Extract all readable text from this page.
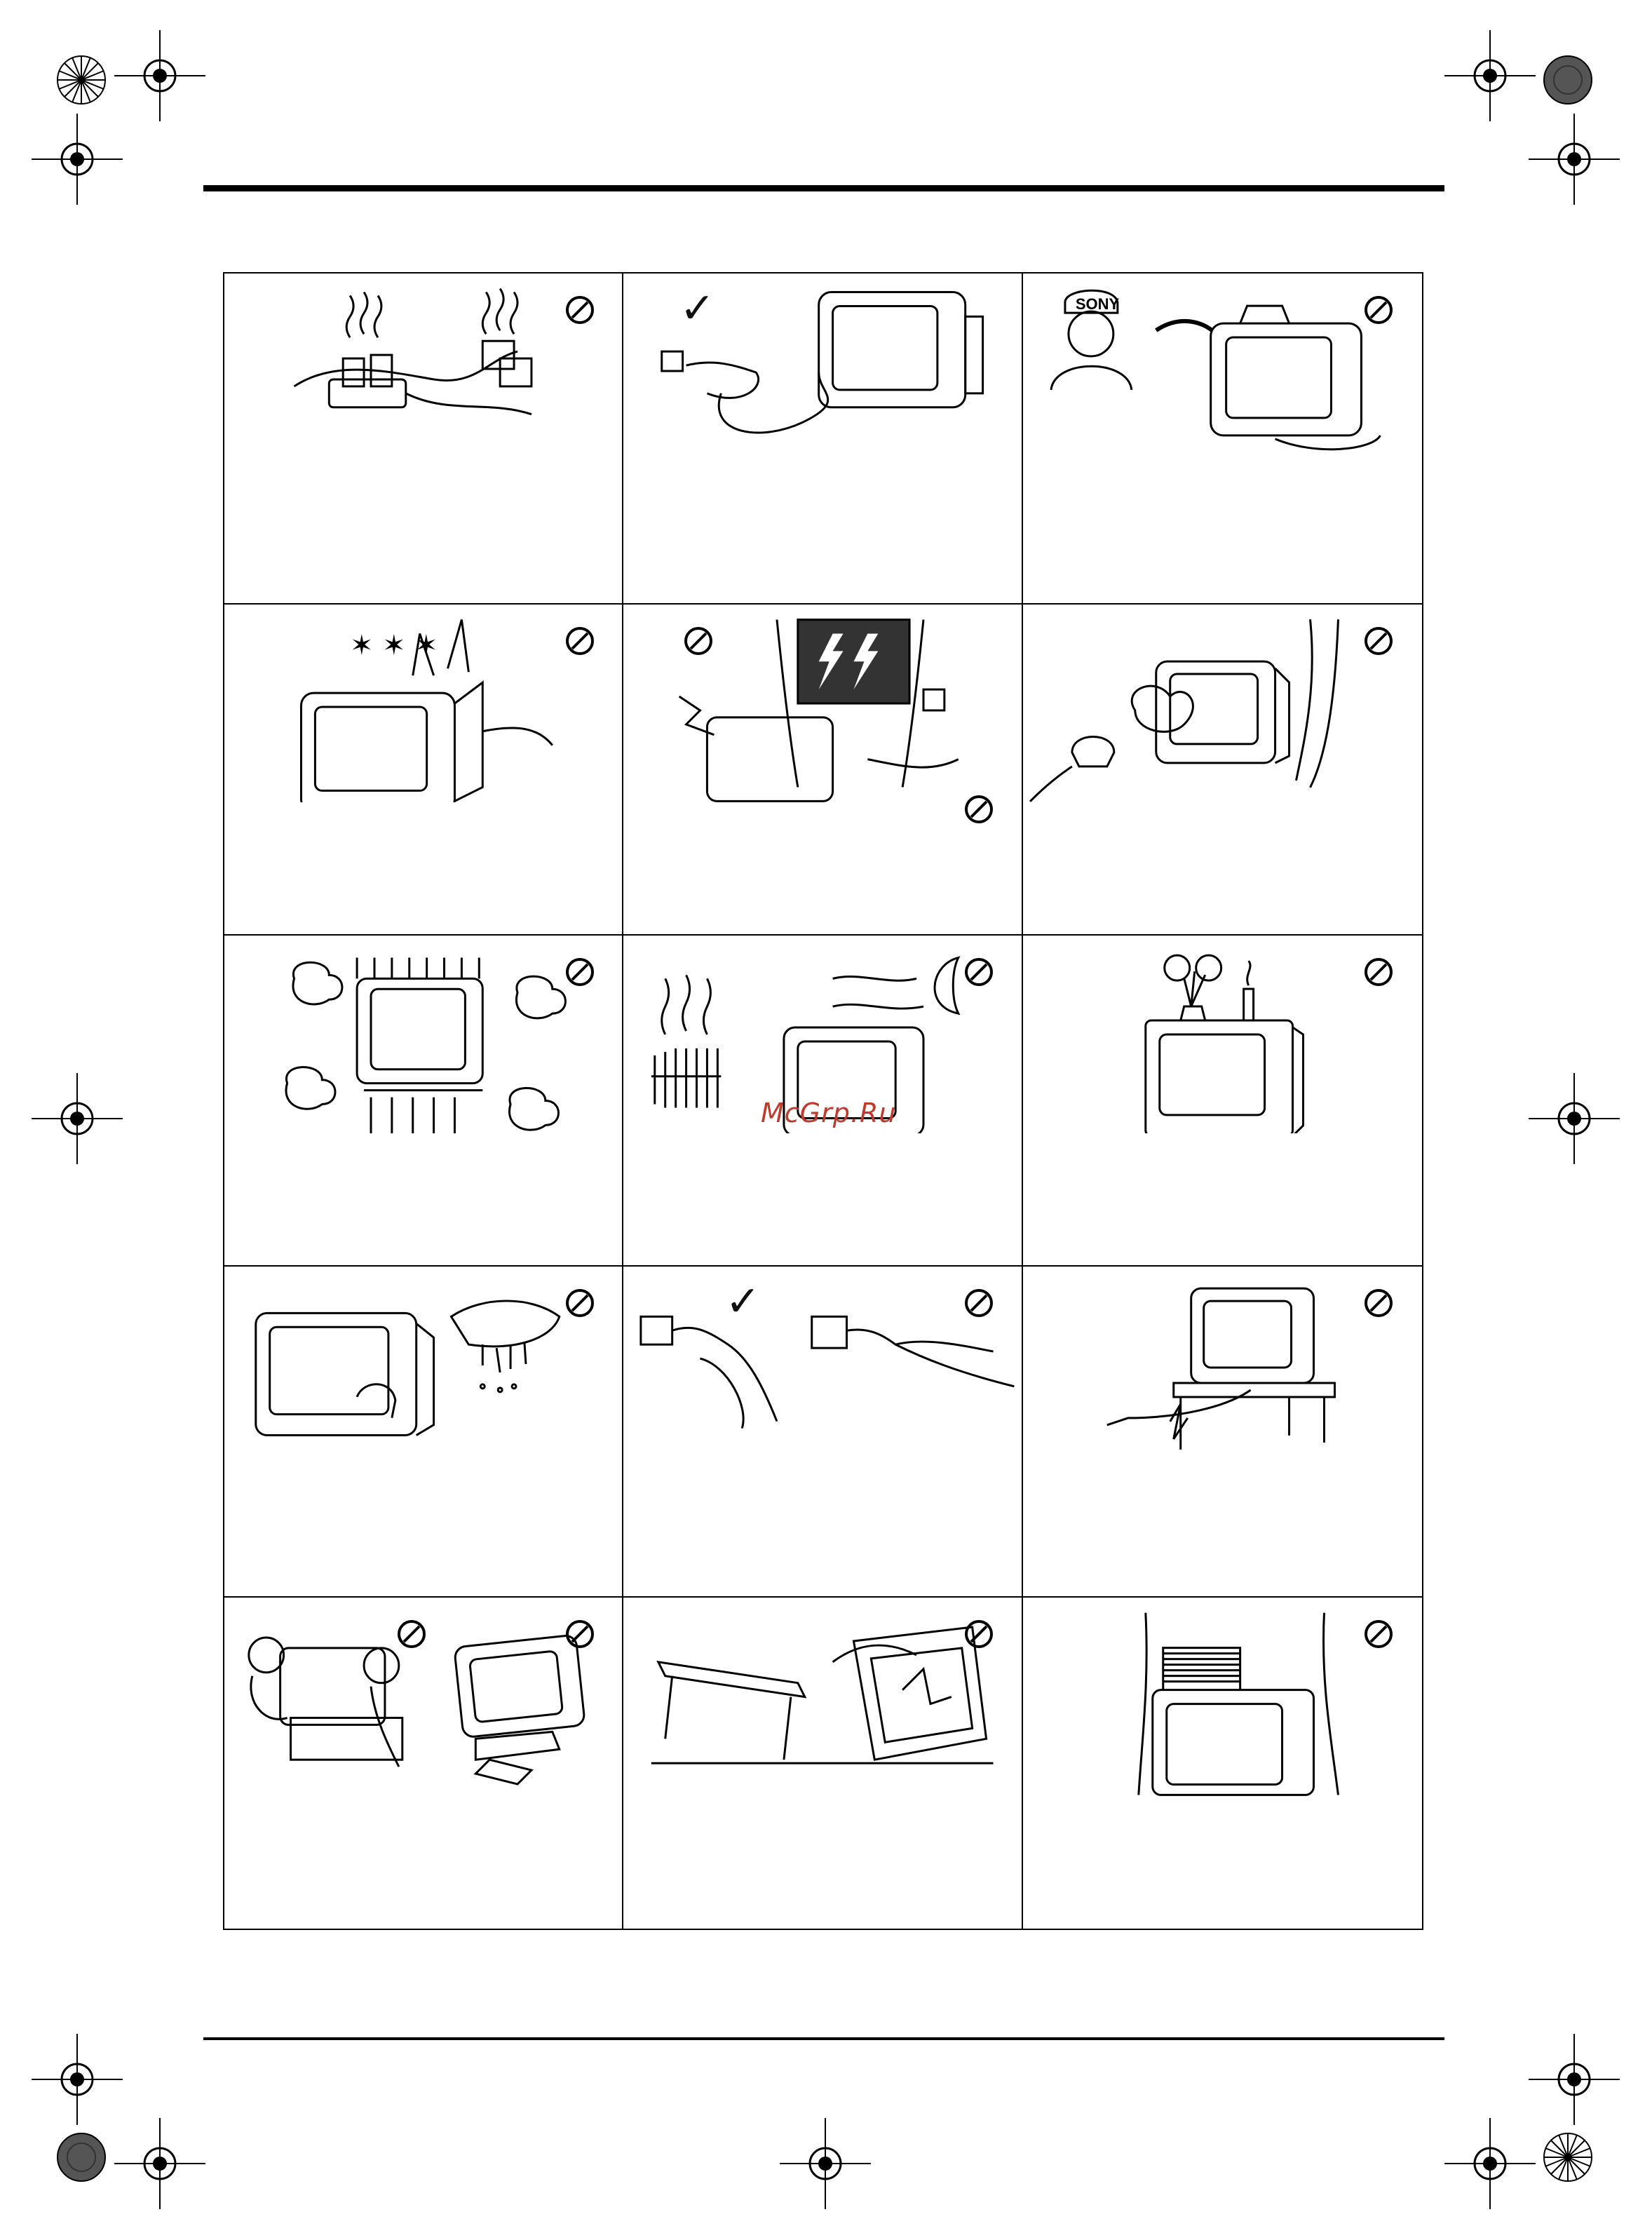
✓	SONY
✶ ✶ ✶
✓
McGrp.Ru
